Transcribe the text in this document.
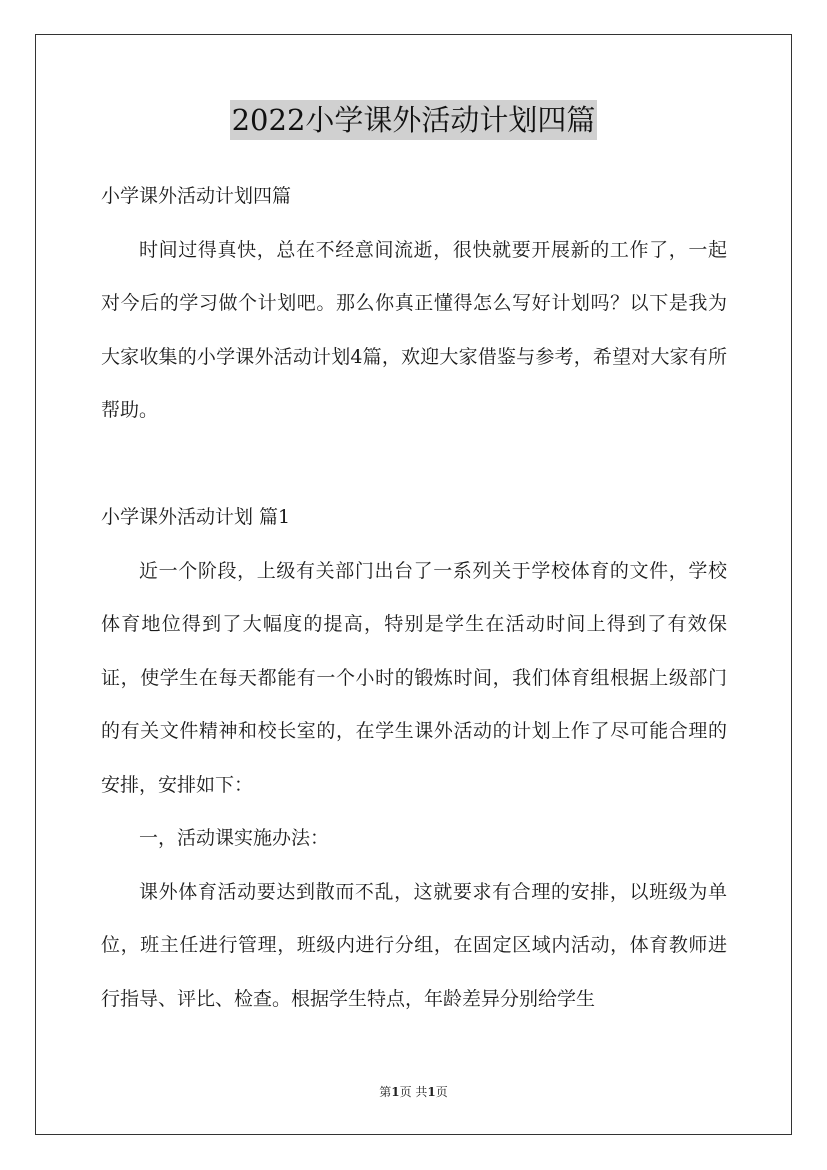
2022小学课外活动计划四篇

小学课外活动计划四篇

时间过得真快，总在不经意间流逝，很快就要开展新的工作了，一起对今后的学习做个计划吧。那么你真正懂得怎么写好计划吗？以下是我为大家收集的小学课外活动计划4篇，欢迎大家借鉴与参考，希望对大家有所帮助。

小学课外活动计划 篇1

近一个阶段，上级有关部门出台了一系列关于学校体育的文件，学校体育地位得到了大幅度的提高，特别是学生在活动时间上得到了有效保证，使学生在每天都能有一个小时的锻炼时间，我们体育组根据上级部门的有关文件精神和校长室的，在学生课外活动的计划上作了尽可能合理的安排，安排如下：

一，活动课实施办法：

课外体育活动要达到散而不乱，这就要求有合理的安排，以班级为单位，班主任进行管理，班级内进行分组，在固定区域内活动，体育教师进行指导、评比、检查。根据学生特点，年龄差异分别给学生

第1页 共1页
